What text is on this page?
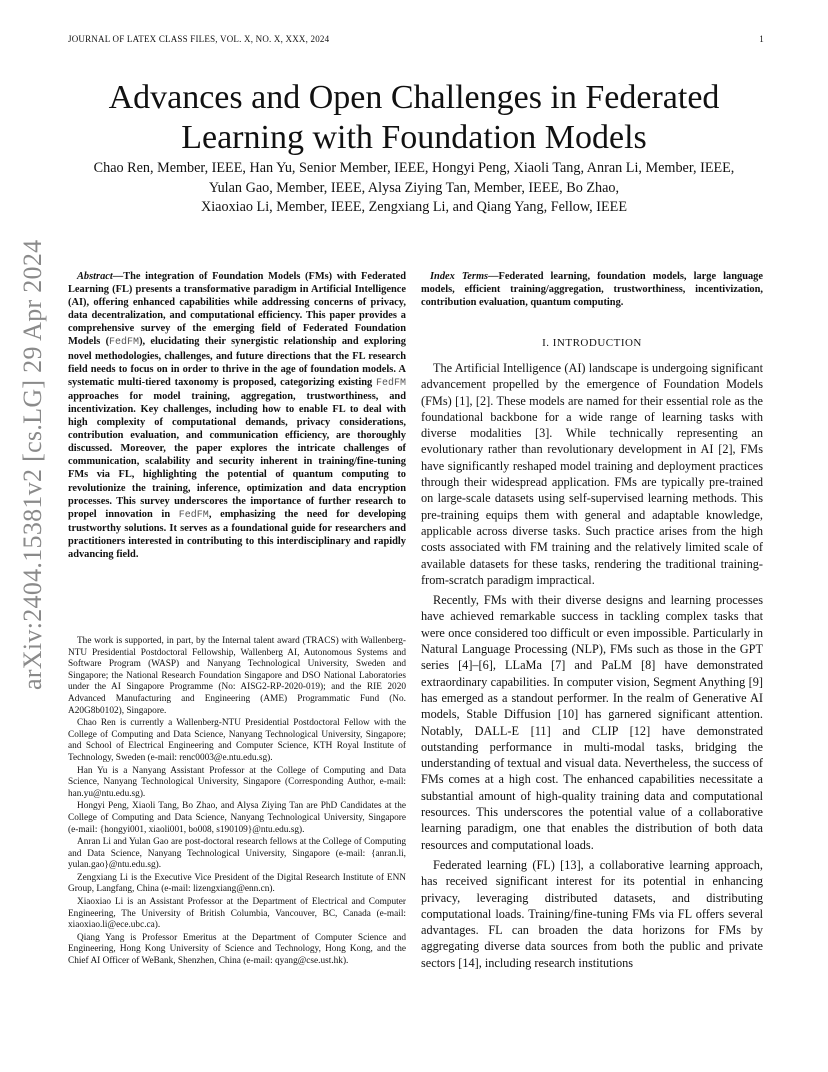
JOURNAL OF LATEX CLASS FILES, VOL. X, NO. X, XXX, 2024	1
arXiv:2404.15381v2 [cs.LG] 29 Apr 2024
Advances and Open Challenges in Federated Learning with Foundation Models
Chao Ren, Member, IEEE, Han Yu, Senior Member, IEEE, Hongyi Peng, Xiaoli Tang, Anran Li, Member, IEEE,
Yulan Gao, Member, IEEE, Alysa Ziying Tan, Member, IEEE, Bo Zhao,
Xiaoxiao Li, Member, IEEE, Zengxiang Li, and Qiang Yang, Fellow, IEEE

Abstract—The integration of Foundation Models (FMs) with Federated Learning (FL) presents a transformative paradigm in Artificial Intelligence (AI), offering enhanced capabilities while addressing concerns of privacy, data decentralization, and computational efficiency. This paper provides a comprehensive survey of the emerging field of Federated Foundation Models (FedFM), elucidating their synergistic relationship and exploring novel methodologies, challenges, and future directions that the FL research field needs to focus on in order to thrive in the age of foundation models. A systematic multi-tiered taxonomy is proposed, categorizing existing FedFM approaches for model training, aggregation, trustworthiness, and incentivization. Key challenges, including how to enable FL to deal with high complexity of computational demands, privacy considerations, contribution evaluation, and communication efficiency, are thoroughly discussed. Moreover, the paper explores the intricate challenges of communication, scalability and security inherent in training/fine-tuning FMs via FL, highlighting the potential of quantum computing to revolutionize the training, inference, optimization and data encryption processes. This survey underscores the importance of further research to propel innovation in FedFM, emphasizing the need for developing trustworthy solutions. It serves as a foundational guide for researchers and practitioners interested in contributing to this interdisciplinary and rapidly advancing field.

The work is supported, in part, by the Internal talent award (TRACS) with Wallenberg-NTU Presidential Postdoctoral Fellowship, Wallenberg AI, Autonomous Systems and Software Program (WASP) and Nanyang Technological University, Sweden and Singapore; the National Research Foundation Singapore and DSO National Laboratories under the AI Singapore Programme (No: AISG2-RP-2020-019); and the RIE 2020 Advanced Manufacturing and Engineering (AME) Programmatic Fund (No. A20G8b0102), Singapore.

Chao Ren is currently a Wallenberg-NTU Presidential Postdoctoral Fellow with the College of Computing and Data Science, Nanyang Technological University, Singapore; and School of Electrical Engineering and Computer Science, KTH Royal Institute of Technology, Sweden (e-mail: renc0003@e.ntu.edu.sg).

Han Yu is a Nanyang Assistant Professor at the College of Computing and Data Science, Nanyang Technological University, Singapore (Corresponding Author, e-mail: han.yu@ntu.edu.sg).

Hongyi Peng, Xiaoli Tang, Bo Zhao, and Alysa Ziying Tan are PhD Candidates at the College of Computing and Data Science, Nanyang Technological University, Singapore (e-mail: {hongyi001, xiaoli001, bo008, s190109}@ntu.edu.sg).

Anran Li and Yulan Gao are post-doctoral research fellows at the College of Computing and Data Science, Nanyang Technological University, Singapore (e-mail: {anran.li, yulan.gao}@ntu.edu.sg).

Zengxiang Li is the Executive Vice President of the Digital Research Institute of ENN Group, Langfang, China (e-mail: lizengxiang@enn.cn).

Xiaoxiao Li is an Assistant Professor at the Department of Electrical and Computer Engineering, The University of British Columbia, Vancouver, BC, Canada (e-mail: xiaoxiao.li@ece.ubc.ca).

Qiang Yang is Professor Emeritus at the Department of Computer Science and Engineering, Hong Kong University of Science and Technology, Hong Kong, and the Chief AI Officer of WeBank, Shenzhen, China (e-mail: qyang@cse.ust.hk).

Index Terms—Federated learning, foundation models, large language models, efficient training/aggregation, trustworthiness, incentivization, contribution evaluation, quantum computing.

I. INTRODUCTION

The Artificial Intelligence (AI) landscape is undergoing significant advancement propelled by the emergence of Foundation Models (FMs) [1], [2]. These models are named for their essential role as the foundational backbone for a wide range of learning tasks with diverse modalities [3]. While technically representing an evolutionary rather than revolutionary development in AI [2], FMs have significantly reshaped model training and deployment practices through their widespread application. FMs are typically pre-trained on large-scale datasets using self-supervised learning methods. This pre-training equips them with general and adaptable knowledge, applicable across diverse tasks. Such practice arises from the high costs associated with FM training and the relatively limited scale of available datasets for these tasks, rendering the traditional training-from-scratch paradigm impractical.

Recently, FMs with their diverse designs and learning processes have achieved remarkable success in tackling complex tasks that were once considered too difficult or even impossible. Particularly in Natural Language Processing (NLP), FMs such as those in the GPT series [4]–[6], LLaMa [7] and PaLM [8] have demonstrated extraordinary capabilities. In computer vision, Segment Anything [9] has emerged as a standout performer. In the realm of Generative AI models, Stable Diffusion [10] has garnered significant attention. Notably, DALL-E [11] and CLIP [12] have demonstrated outstanding performance in multi-modal tasks, bridging the understanding of textual and visual data. Nevertheless, the success of FMs comes at a high cost. The enhanced capabilities necessitate a substantial amount of high-quality training data and computational resources. This underscores the potential value of a collaborative learning paradigm, one that enables the distribution of both data resources and computational loads.

Federated learning (FL) [13], a collaborative learning approach, has received significant interest for its potential in enhancing privacy, leveraging distributed datasets, and distributing computational loads. Training/fine-tuning FMs via FL offers several advantages. FL can broaden the data horizons for FMs by aggregating diverse data sources from both the public and private sectors [14], including research institutions
